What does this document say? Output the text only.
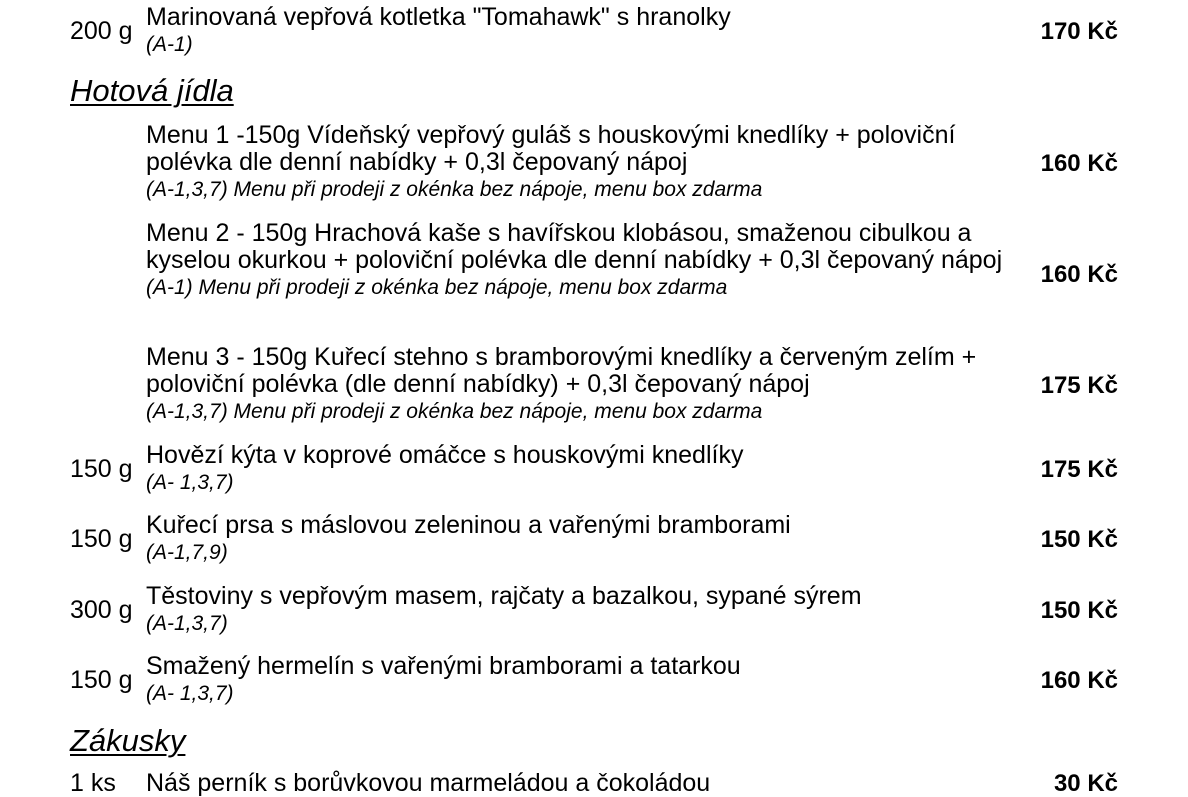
200 g Marinovaná vepřová kotletka "Tomahawk" s hranolky
(A-1)	170 Kč
Hotová jídla
Menu 1 -150g Vídeňský vepřový guláš s houskovými knedlíky + poloviční polévka dle denní nabídky + 0,3l čepovaný nápoj
(A-1,3,7) Menu při prodeji z okénka bez nápoje, menu box zdarma
160 Kč
Menu 2 - 150g Hrachová kaše s havířskou klobásou, smaženou cibulkou a kyselou okurkou + poloviční polévka dle denní nabídky + 0,3l čepovaný nápoj
(A-1) Menu při prodeji z okénka bez nápoje, menu box zdarma	160 Kč
Menu 3 - 150g Kuřecí stehno s bramborovými knedlíky a červeným zelím + poloviční polévka (dle denní nabídky) + 0,3l čepovaný nápoj
(A-1,3,7) Menu při prodeji z okénka bez nápoje, menu box zdarma
175 Kč
150 g Hovězí kýta v koprové omáčce s houskovými knedlíky
(A- 1,3,7)	175 Kč
150 g Kuřecí prsa s máslovou zeleninou a vařenými bramborami
(A-1,7,9)	150 Kč
300 g Těstoviny s vepřovým masem, rajčaty a bazalkou, sypané sýrem
(A-1,3,7)	150 Kč
150 g Smažený hermelín s vařenými bramborami a tatarkou
(A- 1,3,7)	160 Kč
Zákusky
1 ks Náš perník s borůvkovou marmeládou a čokoládou	30 Kč
